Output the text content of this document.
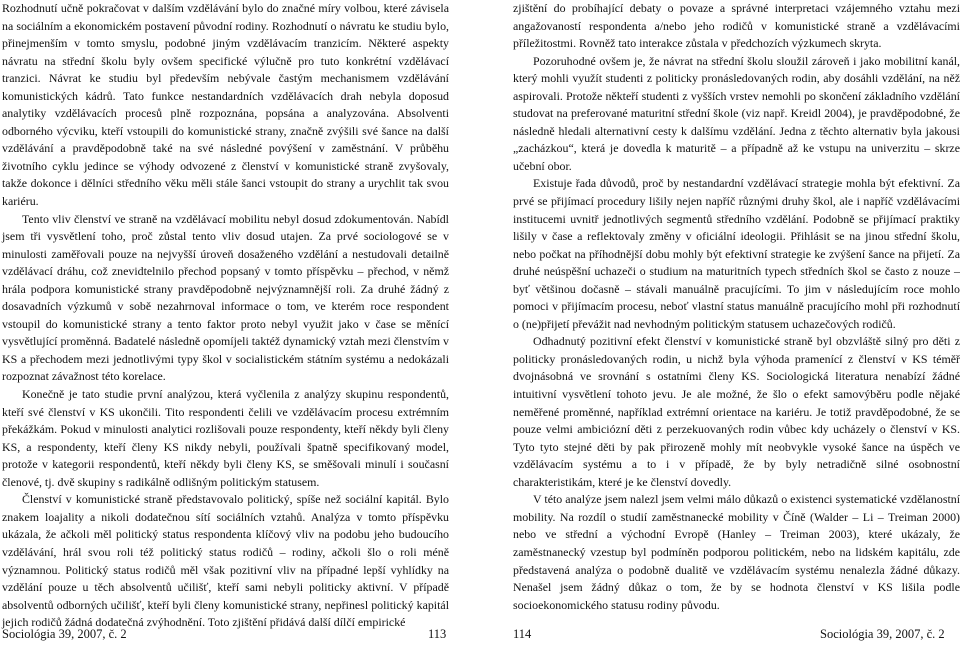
Rozhodnutí učně pokračovat v dalším vzdělávání bylo do značné míry volbou, které závisela na sociálním a ekonomickém postavení původní rodiny. Rozhodnutí o návratu ke studiu bylo, přinejmenším v tomto smyslu, podobné jiným vzdělávacím tranzicím. Některé aspekty návratu na střední školu byly ovšem specifické výlučně pro tuto konkrétní vzdělávací tranzici. Návrat ke studiu byl především nebývale častým mechanismem vzdělávání komunistických kádrů. Tato funkce nestandardních vzdělávacích drah nebyla doposud analytiky vzdělávacích procesů plně rozpoznána, popsána a analyzována. Absolventi odborného výcviku, kteří vstoupili do komunistické strany, značně zvýšili své šance na další vzdělávání a pravděpodobně také na své následné povýšení v zaměstnání. V průběhu životního cyklu jedince se výhody odvozené z členství v komunistické straně zvyšovaly, takže dokonce i dělníci středního věku měli stále šanci vstoupit do strany a urychlit tak svou kariéru.

Tento vliv členství ve straně na vzdělávací mobilitu nebyl dosud zdokumentován. Nabídl jsem tři vysvětlení toho, proč zůstal tento vliv dosud utajen. Za prvé sociologové se v minulosti zaměřovali pouze na nejvyšší úroveň dosaženého vzdělání a nestudovali detailně vzdělávací dráhu, což znevidtelnilo přechod popsaný v tomto příspěvku – přechod, v němž hrála podpora komunistické strany pravděpodobně nejvýznamnější roli. Za druhé žádný z dosavadních výzkumů v sobě nezahrnoval informace o tom, ve kterém roce respondent vstoupil do komunistické strany a tento faktor proto nebyl využit jako v čase se měnící vysvětlující proměnná. Badatelé následně opomíjeli taktéž dynamický vztah mezi členstvím v KS a přechodem mezi jednotlivými typy škol v socialistickém státním systému a nedokázali rozpoznat závažnost této korelace.

Konečně je tato studie první analýzou, která vyčlenila z analýzy skupinu respondentů, kteří své členství v KS ukončili. Tito respondenti čelili ve vzdělávacím procesu extrémním překážkám. Pokud v minulosti analytici rozlišovali pouze respondenty, kteří někdy byli členy KS, a respondenty, kteří členy KS nikdy nebyli, používali špatně specifikovaný model, protože v kategorii respondentů, kteří někdy byli členy KS, se směšovali minulí i současní členové, tj. dvě skupiny s radikálně odlišným politickým statusem.

Členství v komunistické straně představovalo politický, spíše než sociální kapitál. Bylo znakem loajality a nikoli dodatečnou sítí sociálních vztahů. Analýza v tomto příspěvku ukázala, že ačkoli měl politický status respondenta klíčový vliv na podobu jeho budoucího vzdělávání, hrál svou roli též politický status rodičů – rodiny, ačkoli šlo o roli méně významnou. Politický status rodičů měl však pozitivní vliv na případné lepší vyhlídky na vzdělání pouze u těch absolventů učilišť, kteří sami nebyli politicky aktivní. V případě absolventů odborných učilišť, kteří byli členy komunistické strany, nepřinesl politický kapitál jejich rodičů žádná dodatečná zvýhodnění. Toto zjištění přidává další dílčí empirické

zjištění do probíhající debaty o povaze a správné interpretaci vzájemného vztahu mezi angažovaností respondenta a/nebo jeho rodičů v komunistické straně a vzdělávacími příležitostmi. Rovněž tato interakce zůstala v předchozích výzkumech skryta.

Pozoruhodné ovšem je, že návrat na střední školu sloužil zároveň i jako mobilitní kanál, který mohli využít studenti z politicky pronásledovaných rodin, aby dosáhli vzdělání, na něž aspirovali. Protože někteří studenti z vyšších vrstev nemohli po skončení základního vzdělání studovat na preferované maturitní střední škole (viz např. Kreidl 2004), je pravděpodobné, že následně hledali alternativní cesty k dalšímu vzdělání. Jedna z těchto alternativ byla jakousi „zacházkou“, která je dovedla k maturitě – a případně až ke vstupu na univerzitu – skrze učební obor.

Existuje řada důvodů, proč by nestandardní vzdělávací strategie mohla být efektivní. Za prvé se přijímací procedury lišily nejen napříč různými druhy škol, ale i napříč vzdělávacími institucemi uvnitř jednotlivých segmentů středního vzdělání. Podobně se přijímací praktiky lišily v čase a reflektovaly změny v oficiální ideologii. Přihlásit se na jinou střední školu, nebo počkat na příhodnější dobu mohly být efektivní strategie ke zvýšení šance na přijetí. Za druhé neúspěšní uchazeči o studium na maturitních typech středních škol se často z nouze – byť většinou dočasně – stávali manuálně pracujícími. To jim v následujícím roce mohlo pomoci v přijímacím procesu, neboť vlastní status manuálně pracujícího mohl při rozhodnutí o (ne)přijetí převážit nad nevhodným politickým statusem uchazečových rodičů.

Odhadnutý pozitivní efekt členství v komunistické straně byl obzvláště silný pro děti z politicky pronásledovaných rodin, u nichž byla výhoda pramenící z členství v KS téměř dvojnásobná ve srovnání s ostatními členy KS. Sociologická literatura nenabízí žádné intuitivní vysvětlení tohoto jevu. Je ale možné, že šlo o efekt samovýběru podle nějaké neměřené proměnné, například extrémní orientace na kariéru. Je totiž pravděpodobné, že se pouze velmi ambiciózní děti z perzekuovaných rodin vůbec kdy ucházely o členství v KS. Tyto tyto stejné děti by pak přirozeně mohly mít neobvykle vysoké šance na úspěch ve vzdělávacím systému a to i v případě, že by byly netradičně silné osobnostní charakteristikám, které je ke členství dovedly.

V této analýze jsem nalezl jsem velmi málo důkazů o existenci systematické vzdělanostní mobility. Na rozdíl o studií zaměstnanecké mobility v Číně (Walder – Li – Treiman 2000) nebo ve střední a východní Evropě (Hanley – Treiman 2003), které ukázaly, že zaměstnanecký vzestup byl podmíněn podporou politickém, nebo na lidském kapitálu, zde představená analýza o podobně dualitě ve vzdělávacím systému nenalezla žádné důkazy. Nenašel jsem žádný důkaz o tom, že by se hodnota členství v KS lišila podle socioekonomického statusu rodiny původu.

Sociológia 39, 2007, č. 2	113	114	Sociológia 39, 2007, č. 2
